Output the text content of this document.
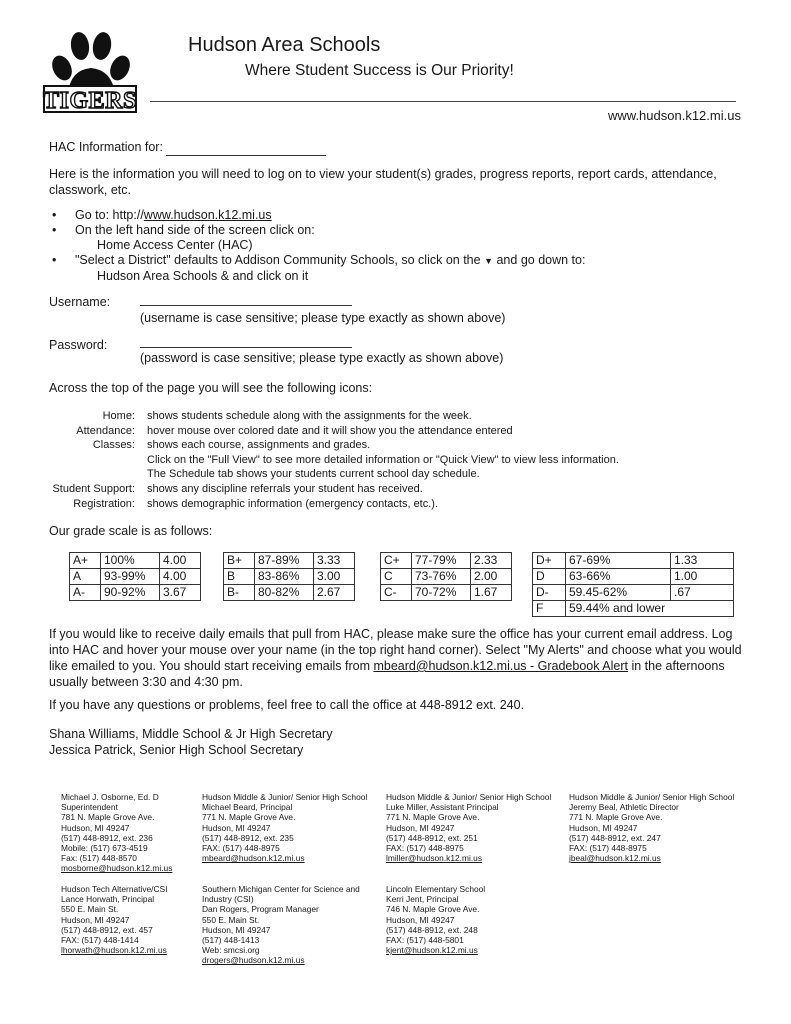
TIGERS
Hudson Area Schools
Where Student Success is Our Priority!
www.hudson.k12.mi.us
HAC Information for:
Here is the information you will need to log on to view your student(s) grades, progress reports, report cards, attendance, classwork, etc.
• Go to: http://www.hudson.k12.mi.us
• On the left hand side of the screen click on:
Home Access Center (HAC)
• "Select a District" defaults to Addison Community Schools, so click on the ▼ and go down to:
Hudson Area Schools & and click on it
Username:
(username is case sensitive; please type exactly as shown above)
Password:
(password is case sensitive; please type exactly as shown above)
Across the top of the page you will see the following icons:
Home:	shows students schedule along with the assignments for the week.
Attendance:	hover mouse over colored date and it will show you the attendance entered
Classes:	shows each course, assignments and grades.
Click on the "Full View" to see more detailed information or "Quick View" to view less information.
The Schedule tab shows your students current school day schedule.
Student Support:	shows any discipline referrals your student has received.
Registration:	shows demographic information (emergency contacts, etc.).
Our grade scale is as follows:
A+	100%	4.00
A	93-99%	4.00
A-	90-92%	3.67
B+	87-89%	3.33
B	83-86%	3.00
B-	80-82%	2.67
C+	77-79%	2.33
C	73-76%	2.00
C-	70-72%	1.67
D+	67-69%	1.33
D	63-66%	1.00
D-	59.45-62%	.67
F	59.44% and lower	
If you would like to receive daily emails that pull from HAC, please make sure the office has your current email address. Log into HAC and hover your mouse over your name (in the top right hand corner). Select "My Alerts" and choose what you would like emailed to you. You should start receiving emails from mbeard@hudson.k12.mi.us - Gradebook Alert in the afternoons usually between 3:30 and 4:30 pm.
If you have any questions or problems, feel free to call the office at 448-8912 ext. 240.
Shana Williams, Middle School & Jr High Secretary
Jessica Patrick, Senior High School Secretary
Michael J. Osborne, Ed. D
Superintendent
781 N. Maple Grove Ave.
Hudson, MI 49247
(517) 448-8912, ext. 236
Mobile: (517) 673-4519
Fax: (517) 448-8570
mosborne@hudson.k12.mi.us
Hudson Middle & Junior/ Senior High School
Michael Beard, Principal
771 N. Maple Grove Ave.
Hudson, MI 49247
(517) 448-8912, ext. 235
FAX: (517) 448-8975
mbeard@hudson.k12.mi.us
Hudson Middle & Junior/ Senior High School
Luke Miller, Assistant Principal
771 N. Maple Grove Ave.
Hudson, MI 49247
(517) 448-8912, ext. 251
FAX: (517) 448-8975
lmiller@hudson.k12.mi.us
Hudson Middle & Junior/ Senior High School
Jeremy Beal, Athletic Director
771 N. Maple Grove Ave.
Hudson, MI 49247
(517) 448-8912, ext. 247
FAX: (517) 448-8975
jbeal@hudson.k12.mi.us
Hudson Tech Alternative/CSI
Lance Horwath, Principal
550 E. Main St.
Hudson, MI 49247
(517) 448-8912, ext. 457
FAX: (517) 448-1414
lhorwath@hudson.k12.mi.us
Southern Michigan Center for Science and
Industry (CSI)
Dan Rogers, Program Manager
550 E. Main St.
Hudson, MI 49247
(517) 448-1413
Web: smcsi.org
drogers@hudson.k12.mi.us
Lincoln Elementary School
Kerri Jent, Principal
746 N. Maple Grove Ave.
Hudson, MI 49247
(517) 448-8912, ext. 248
FAX: (517) 448-5801
kjent@hudson.k12.mi.us
